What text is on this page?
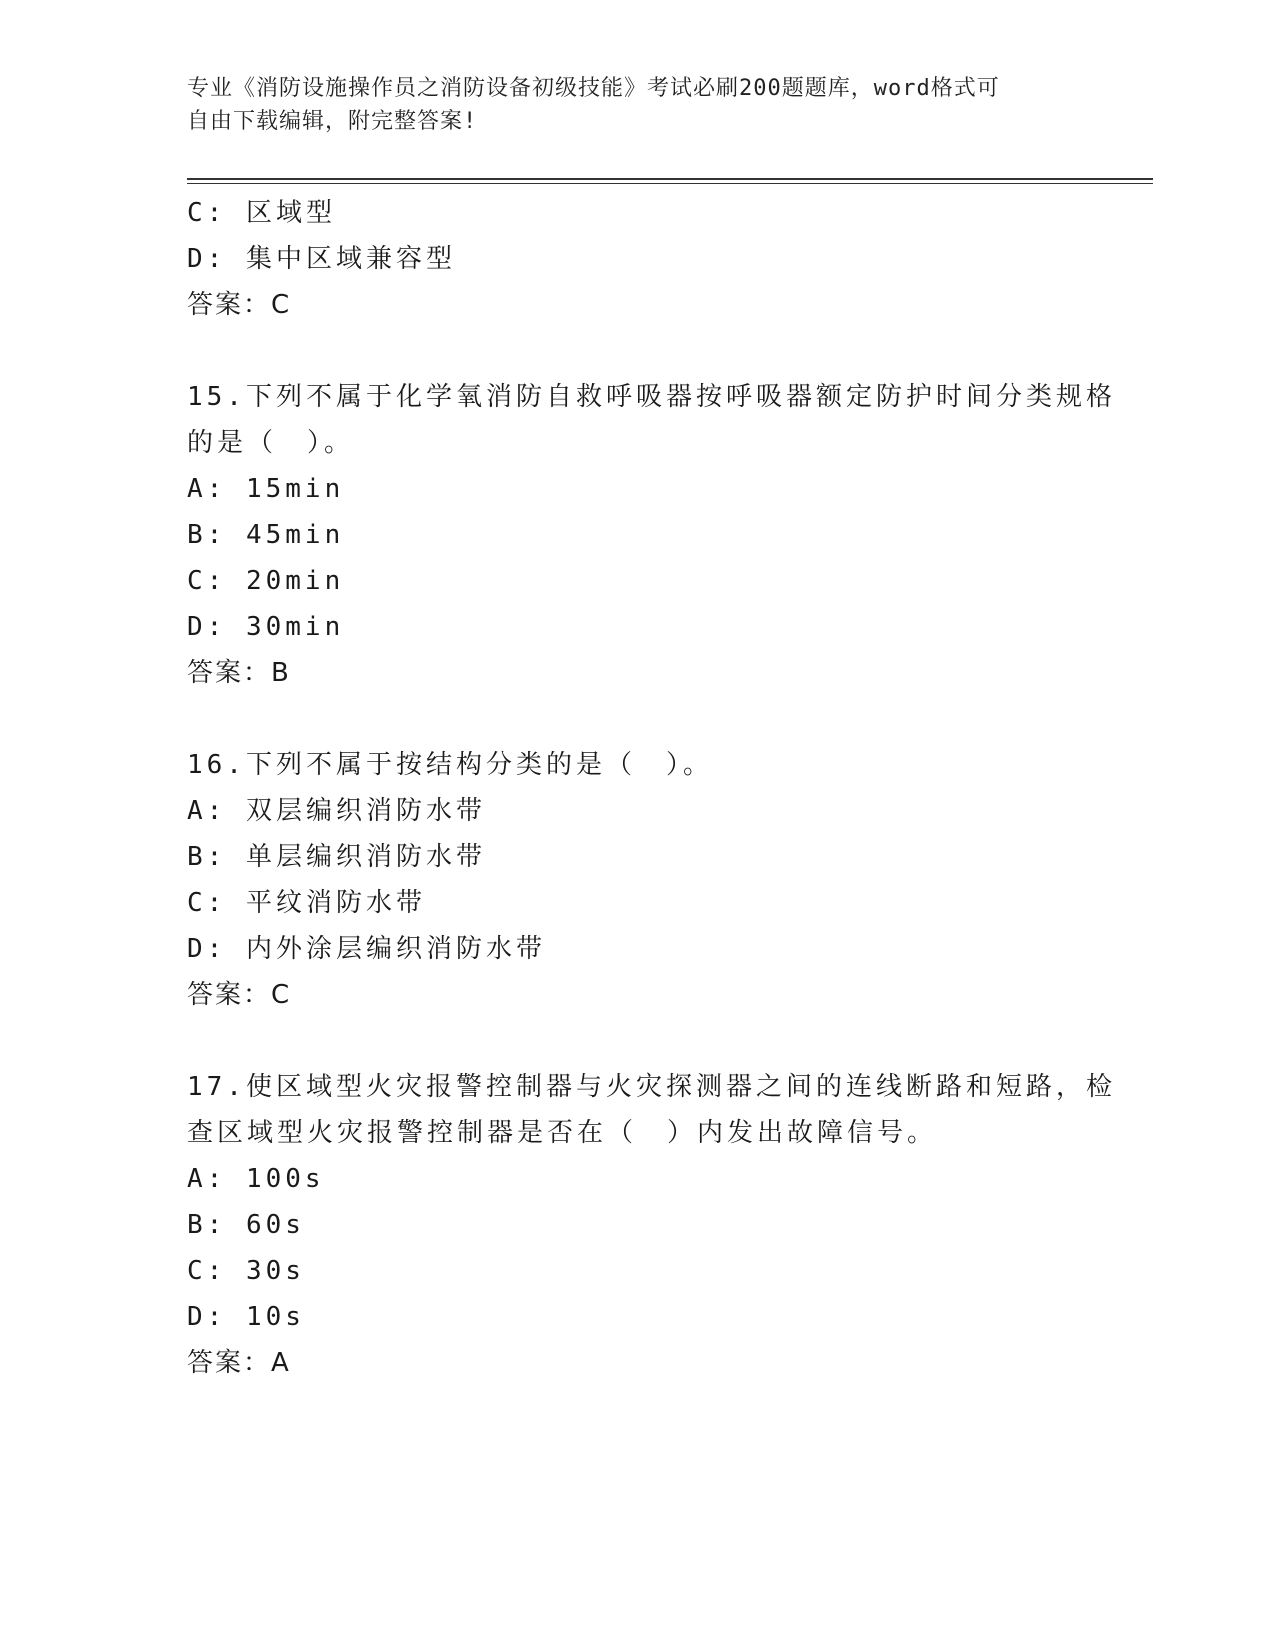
专业《消防设施操作员之消防设备初级技能》考试必刷200题题库，word格式可
自由下载编辑，附完整答案!
C: 区域型
D: 集中区域兼容型
答案：C
15.下列不属于化学氧消防自救呼吸器按呼吸器额定防护时间分类规格
的是（　）。
A: 15min
B: 45min
C: 20min
D: 30min
答案：B
16.下列不属于按结构分类的是（　）。
A: 双层编织消防水带
B: 单层编织消防水带
C: 平纹消防水带
D: 内外涂层编织消防水带
答案：C
17.使区域型火灾报警控制器与火灾探测器之间的连线断路和短路，检
查区域型火灾报警控制器是否在（　）内发出故障信号。
A: 100s
B: 60s
C: 30s
D: 10s
答案：A
